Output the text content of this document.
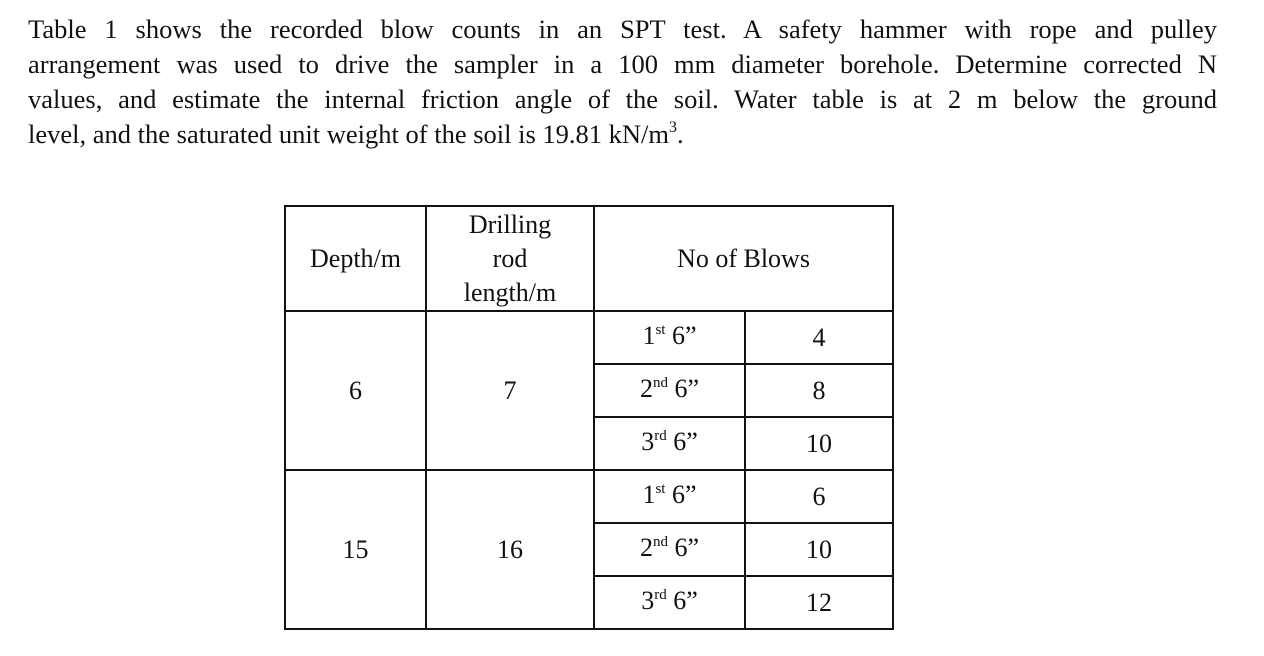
Table 1 shows the recorded blow counts in an SPT test. A safety hammer with rope and pulley
arrangement was used to drive the sampler in a 100 mm diameter borehole. Determine corrected N
values, and estimate the internal friction angle of the soil. Water table is at 2 m below the ground
level, and the saturated unit weight of the soil is 19.81 $kN/m^3$.
Depth/m	Drilling
rod
length/m	No of Blows	
6	7	1st 6”	4
		2nd 6”	8
		3rd 6”	10
15	16	1st 6”	6
		2nd 6”	10
		3rd 6”	12
